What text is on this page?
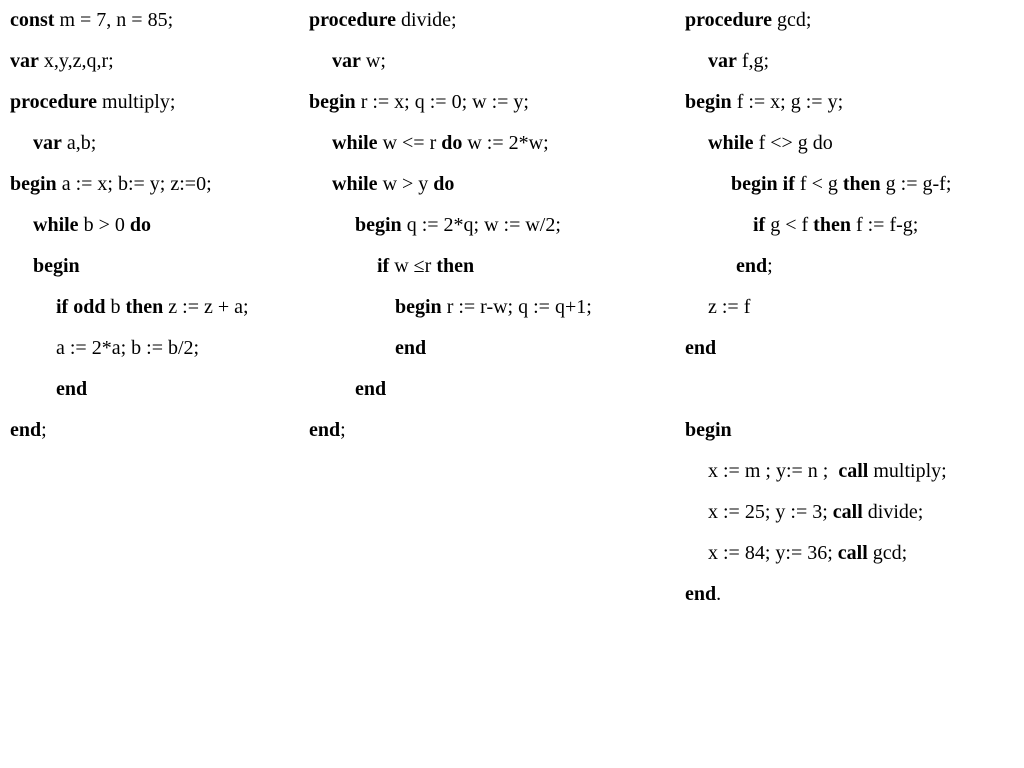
const m = 7, n = 85;
var x,y,z,q,r;
procedure multiply;
var a,b;
begin a := x; b:= y; z:=0;
while b > 0 do
begin
if odd b then z := z + a;
a := 2*a; b := b/2;
end
end;
procedure divide;
var w;
begin r := x; q := 0; w := y;
while w <= r do w := 2*w;
while w > y do
begin q := 2*q; w := w/2;
if w ≤r then
begin r := r-w; q := q+1;
end
end
end;
procedure gcd;
var f,g;
begin f := x; g := y;
while f <> g do
begin if f < g then g := g-f;
if g < f then f := f-g;
end;
z := f
end
begin
x := m ; y:= n ;  call multiply;
x := 25; y := 3; call divide;
x := 84; y:= 36; call gcd;
end.
